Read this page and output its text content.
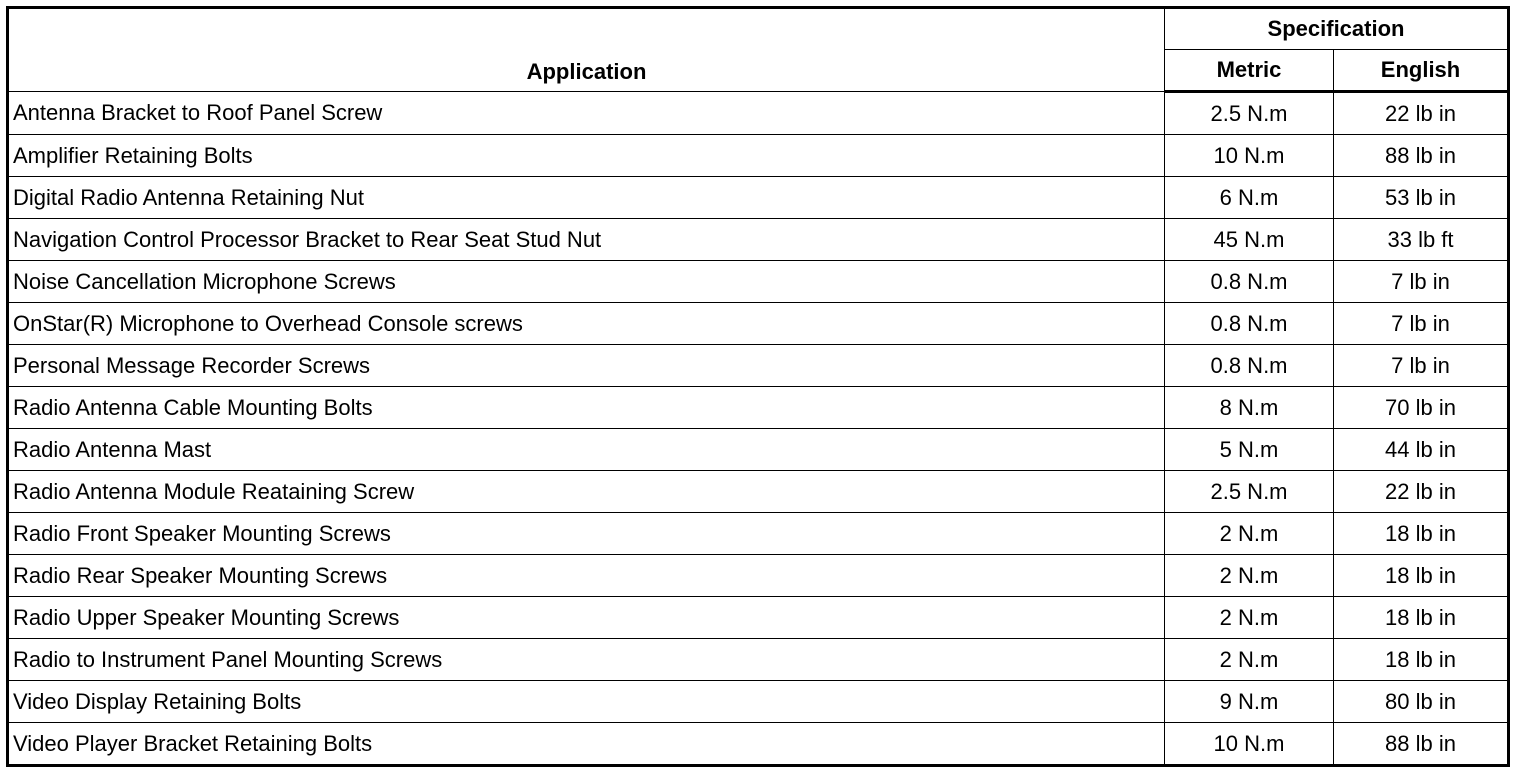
Application	Specification	
	Metric	English
Antenna Bracket to Roof Panel Screw	2.5 N.m	22 lb in
Amplifier Retaining Bolts	10 N.m	88 lb in
Digital Radio Antenna Retaining Nut	6 N.m	53 lb in
Navigation Control Processor Bracket to Rear Seat Stud Nut	45 N.m	33 lb ft
Noise Cancellation Microphone Screws	0.8 N.m	7 lb in
OnStar(R) Microphone to Overhead Console screws	0.8 N.m	7 lb in
Personal Message Recorder Screws	0.8 N.m	7 lb in
Radio Antenna Cable Mounting Bolts	8 N.m	70 lb in
Radio Antenna Mast	5 N.m	44 lb in
Radio Antenna Module Reataining Screw	2.5 N.m	22 lb in
Radio Front Speaker Mounting Screws	2 N.m	18 lb in
Radio Rear Speaker Mounting Screws	2 N.m	18 lb in
Radio Upper Speaker Mounting Screws	2 N.m	18 lb in
Radio to Instrument Panel Mounting Screws	2 N.m	18 lb in
Video Display Retaining Bolts	9 N.m	80 lb in
Video Player Bracket Retaining Bolts	10 N.m	88 lb in
